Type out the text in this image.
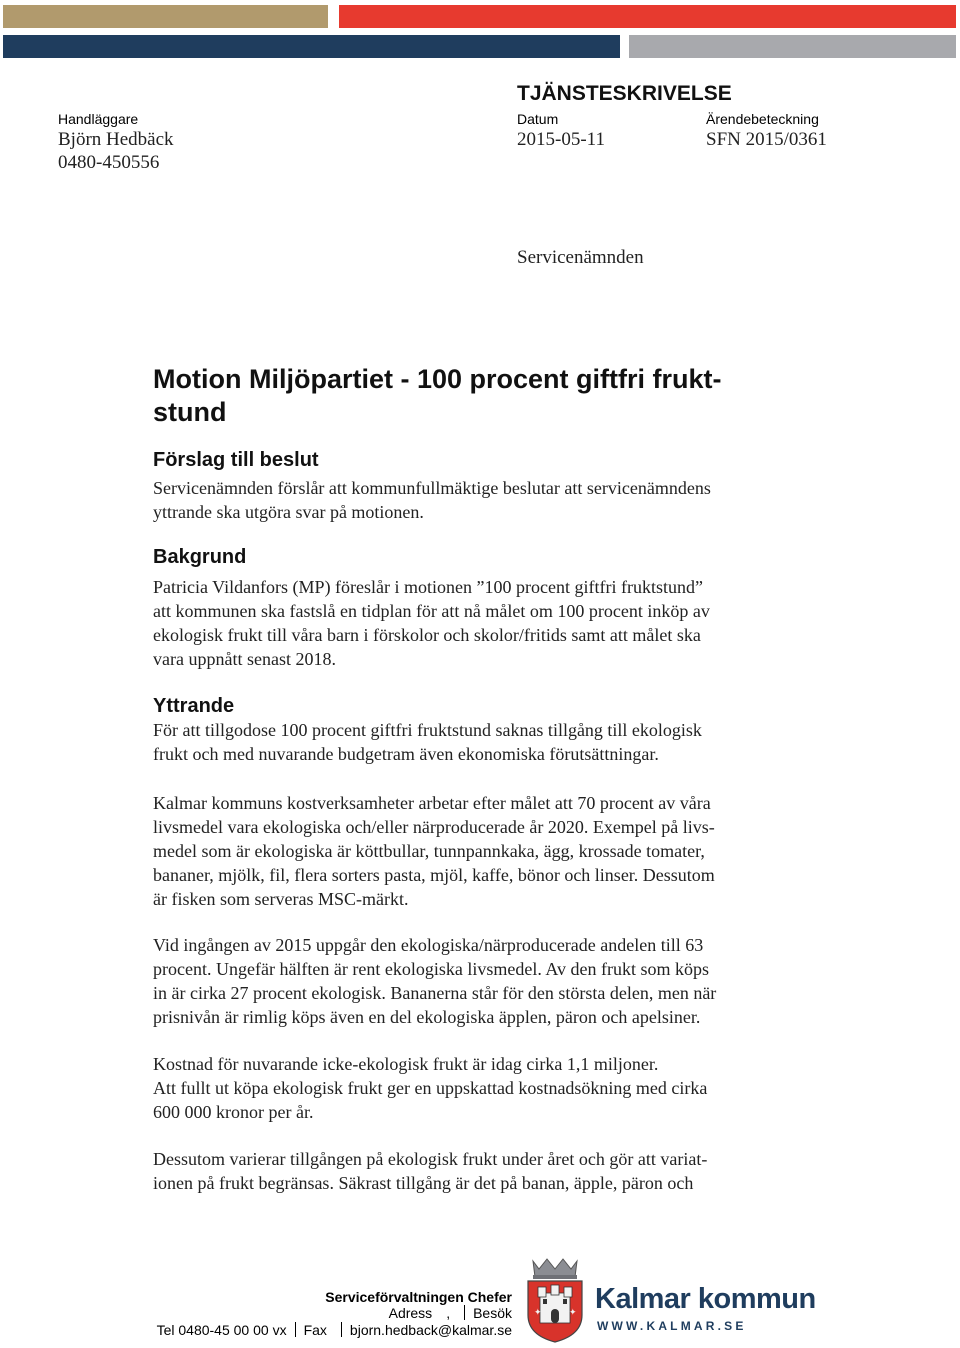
TJÄNSTESKRIVELSE
Handläggare
Björn Hedbäck
0480-450556
Datum
2015-05-11
Ärendebeteckning
SFN 2015/0361
Servicenämnden
Motion Miljöpartiet - 100 procent giftfri frukt-
stund
Förslag till beslut

Servicenämnden förslår att kommunfullmäktige beslutar att servicenämndens

yttrande ska utgöra svar på motionen.

Bakgrund

Patricia Vildanfors (MP) föreslår i motionen ”100 procent giftfri fruktstund”

att kommunen ska fastslå en tidplan för att nå målet om 100 procent inköp av

ekologisk frukt till våra barn i förskolor och skolor/fritids samt att målet ska

vara uppnått senast 2018.

Yttrande

För att tillgodose 100 procent giftfri fruktstund saknas tillgång till ekologisk

frukt och med nuvarande budgetram även ekonomiska förutsättningar.

Kalmar kommuns kostverksamheter arbetar efter målet att 70 procent av våra

livsmedel vara ekologiska och/eller närproducerade år 2020. Exempel på livs-

medel som är ekologiska är köttbullar, tunnpannkaka, ägg, krossade tomater,

bananer, mjölk, fil, flera sorters pasta, mjöl, kaffe, bönor och linser. Dessutom

är fisken som serveras MSC-märkt.

Vid ingången av 2015 uppgår den ekologiska/närproducerade andelen till 63

procent. Ungefär hälften är rent ekologiska livsmedel. Av den frukt som köps

in är cirka 27 procent ekologisk. Bananerna står för den största delen, men när

prisnivån är rimlig köps även en del ekologiska äpplen, päron och apelsiner.

Kostnad för nuvarande icke-ekologisk frukt är idag cirka 1,1 miljoner.

Att fullt ut köpa ekologisk frukt ger en uppskattad kostnadsökning med cirka

600 000 kronor per år.

Dessutom varierar tillgången på ekologisk frukt under året och gör att variat-

ionen på frukt begränsas. Säkrast tillgång är det på banan, äpple, päron och

Serviceförvaltningen Chefer
Adress , Besök
Tel 0480-45 00 00 vx Fax bjorn.hedback@kalmar.se
✦	✦ Kalmar kommun
WWW.KALMAR.SE
